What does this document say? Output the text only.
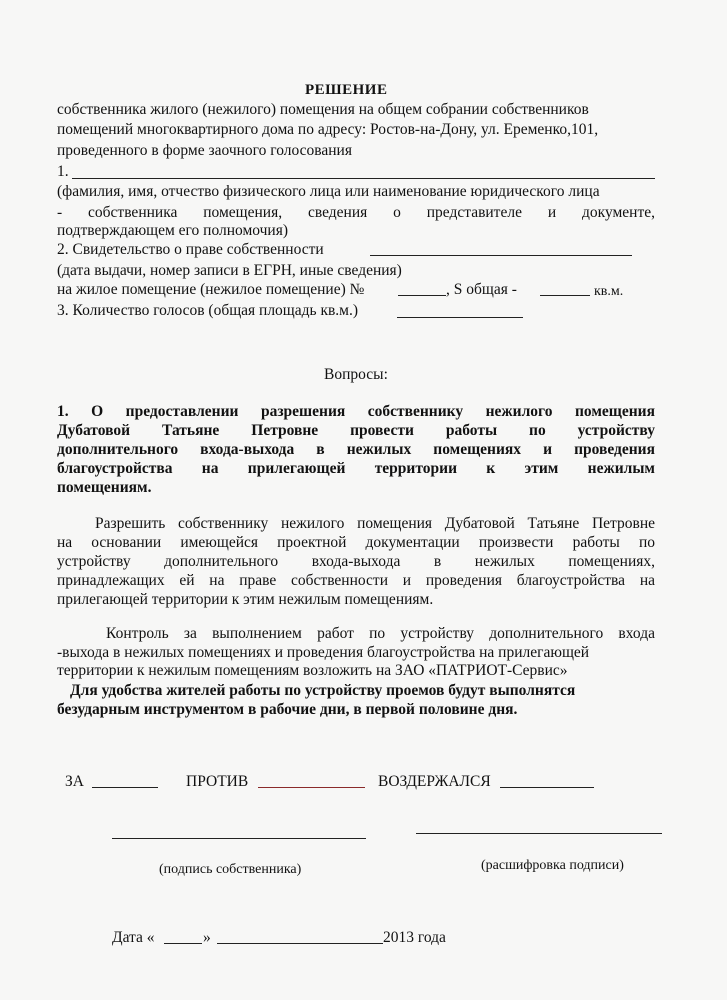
РЕШЕНИЕ
собственника жилого (нежилого) помещения на общем собрании собственников
помещений многоквартирного дома по адресу: Ростов-на-Дону, ул. Еременко,101,
проведенного в форме заочного голосования
1.
(фамилия, имя, отчество физического лица или наименование юридического лица
- собственника помещения, сведения о представителе и документе,
подтверждающем его полномочия)
2. Свидетельство о праве собственности
(дата выдачи, номер записи в ЕГРН, иные сведения)
на жилое помещение (нежилое помещение) №	, S общая -	кв.м.
3. Количество голосов (общая площадь кв.м.)
Вопросы:
1. О предоставлении разрешения собственнику нежилого помещения
Дубатовой Татьяне Петровне провести работы по устройству
дополнительного входа-выхода в нежилых помещениях и проведения
благоустройства на прилегающей территории к этим нежилым
помещениям.
Разрешить собственнику нежилого помещения Дубатовой Татьяне Петровне
на основании имеющейся проектной документации произвести работы по
устройству дополнительного входа-выхода в нежилых помещениях,
принадлежащих ей на праве собственности и проведения благоустройства на
прилегающей территории к этим нежилым помещениям.
Контроль за выполнением работ по устройству дополнительного входа
-выхода в нежилых помещениях и проведения благоустройства на прилегающей
территории к нежилым помещениям возложить на ЗАО «ПАТРИОТ-Сервис»
Для удобства жителей работы по устройству проемов будут выполнятся
безударным инструментом в рабочие дни, в первой половине дня.
ЗА	ПРОТИВ	ВОЗДЕРЖАЛСЯ
(подпись собственника)	(расшифровка подписи)
Дата «	»	2013 года
